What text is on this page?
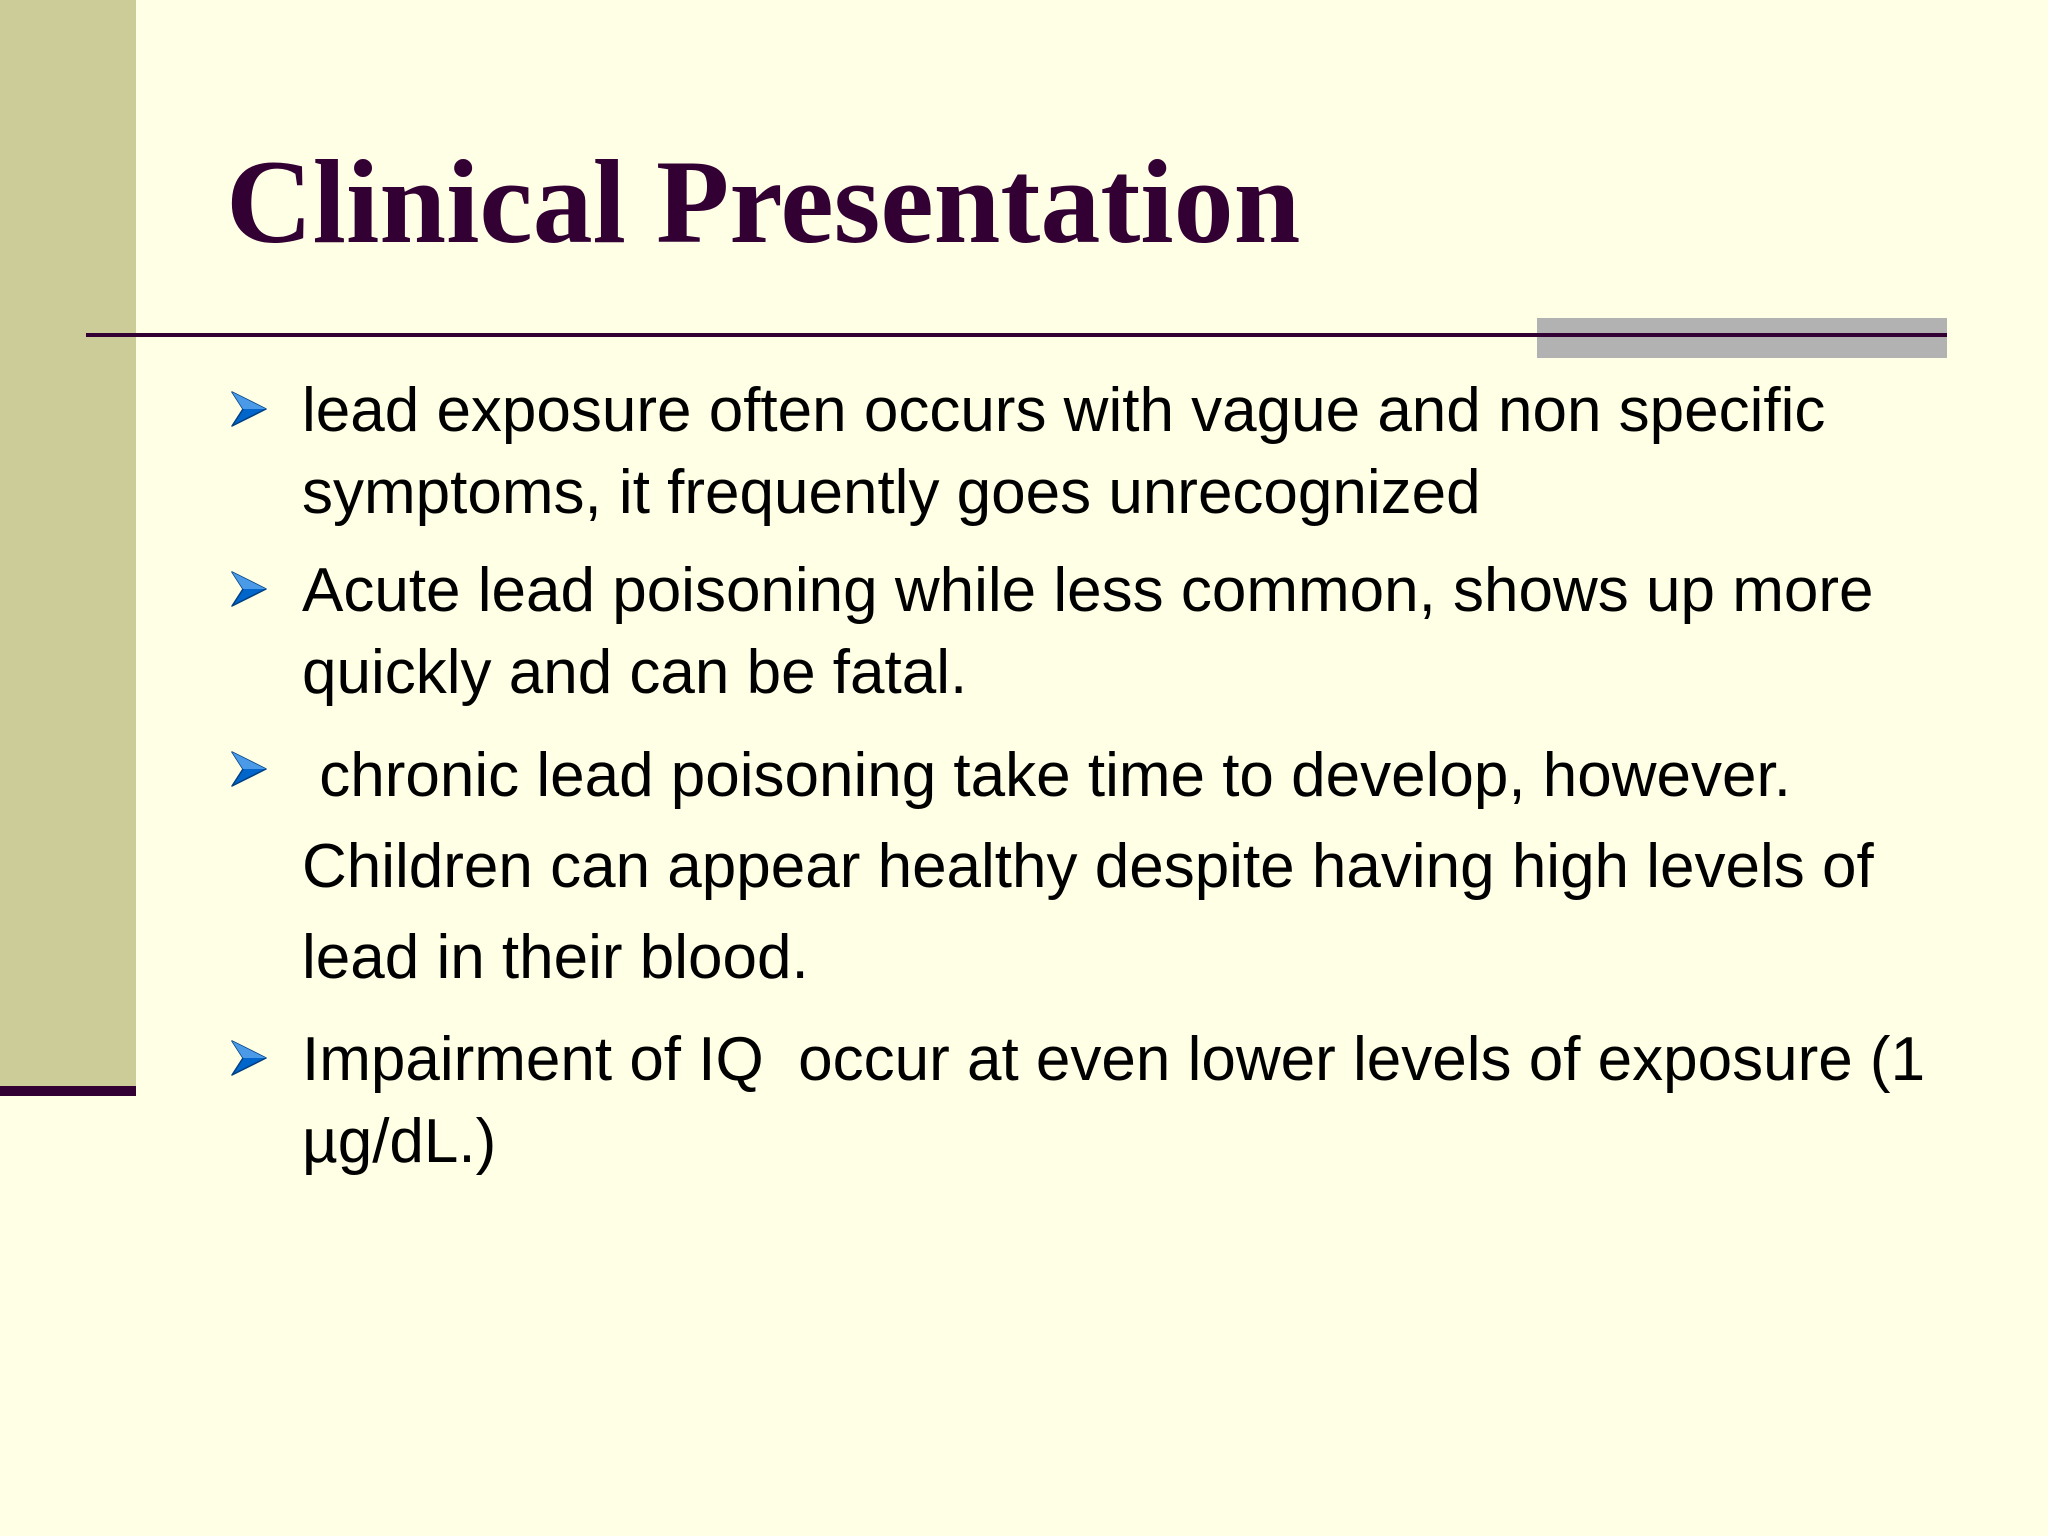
Clinical Presentation
lead exposure often occurs with vague and non specific symptoms, it frequently goes unrecognized
Acute lead poisoning while less common, shows up more quickly and can be fatal.
chronic lead poisoning take time to develop, however. Children can appear healthy despite having high levels of lead in their blood.
Impairment of IQ  occur at even lower levels of exposure (1 µg/dL.)
